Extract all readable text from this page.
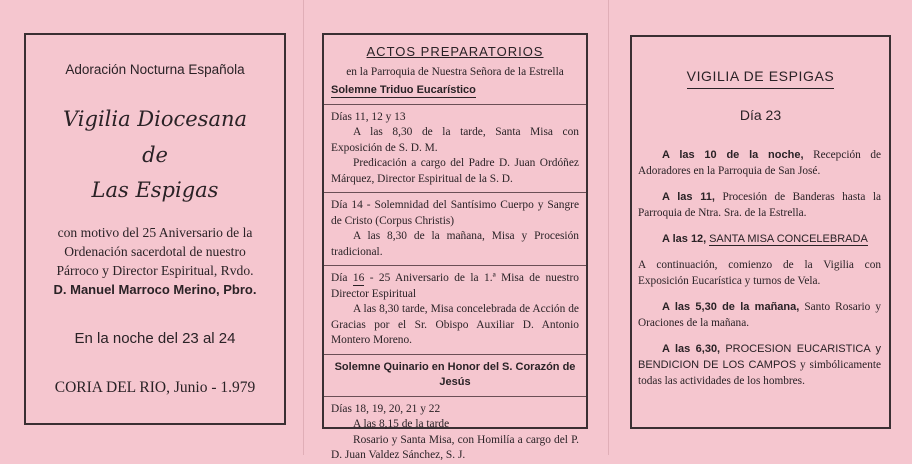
Adoración Nocturna Española

Vigilia Diocesana

de

Las Espigas

con motivo del 25 Aniversario de la
Ordenación sacerdotal de nuestro
Párroco y Director Espiritual, Rvdo.
D. Manuel Marroco Merino, Pbro.

En la noche del 23 al 24

CORIA DEL RIO, Junio - 1.979

ACTOS PREPARATORIOS

en la Parroquia de Nuestra Señora de la Estrella

Solemne Triduo Eucarístico

Días 11, 12 y 13

A las 8,30 de la tarde, Santa Misa con Exposición de S. D. M.

Predicación a cargo del Padre D. Juan Ordóñez Márquez, Director Espiritual de la S. D.

Día 14 - Solemnidad del Santísimo Cuerpo y Sangre de Cristo (Corpus Christis)

A las 8,30 de la mañana, Misa y Procesión tradicional.

Día 16 - 25 Aniversario de la 1.ª Misa de nuestro Director Espiritual

A las 8,30 tarde, Misa concelebrada de Acción de Gracias por el Sr. Obispo Auxiliar D. Antonio Montero Moreno.

Solemne Quinario en Honor del S. Corazón de Jesús

Días 18, 19, 20, 21 y 22

A las 8,15 de la tarde

Rosario y Santa Misa, con Homilía a cargo del P. D. Juan Valdez Sánchez, S. J.

VIGILIA DE ESPIGAS

Día 23

A las 10 de la noche, Recepción de Adoradores en la Parroquia de San José.

A las 11, Procesión de Banderas hasta la Parroquia de Ntra. Sra. de la Estrella.

A las 12, SANTA MISA CONCELEBRADA

A continuación, comienzo de la Vigilia con Exposición Eucarística y turnos de Vela.

A las 5,30 de la mañana, Santo Rosario y Oraciones de la mañana.

A las 6,30, PROCESION EUCARISTICA y BENDICION DE LOS CAMPOS y simbólicamente todas las actividades de los hombres.
